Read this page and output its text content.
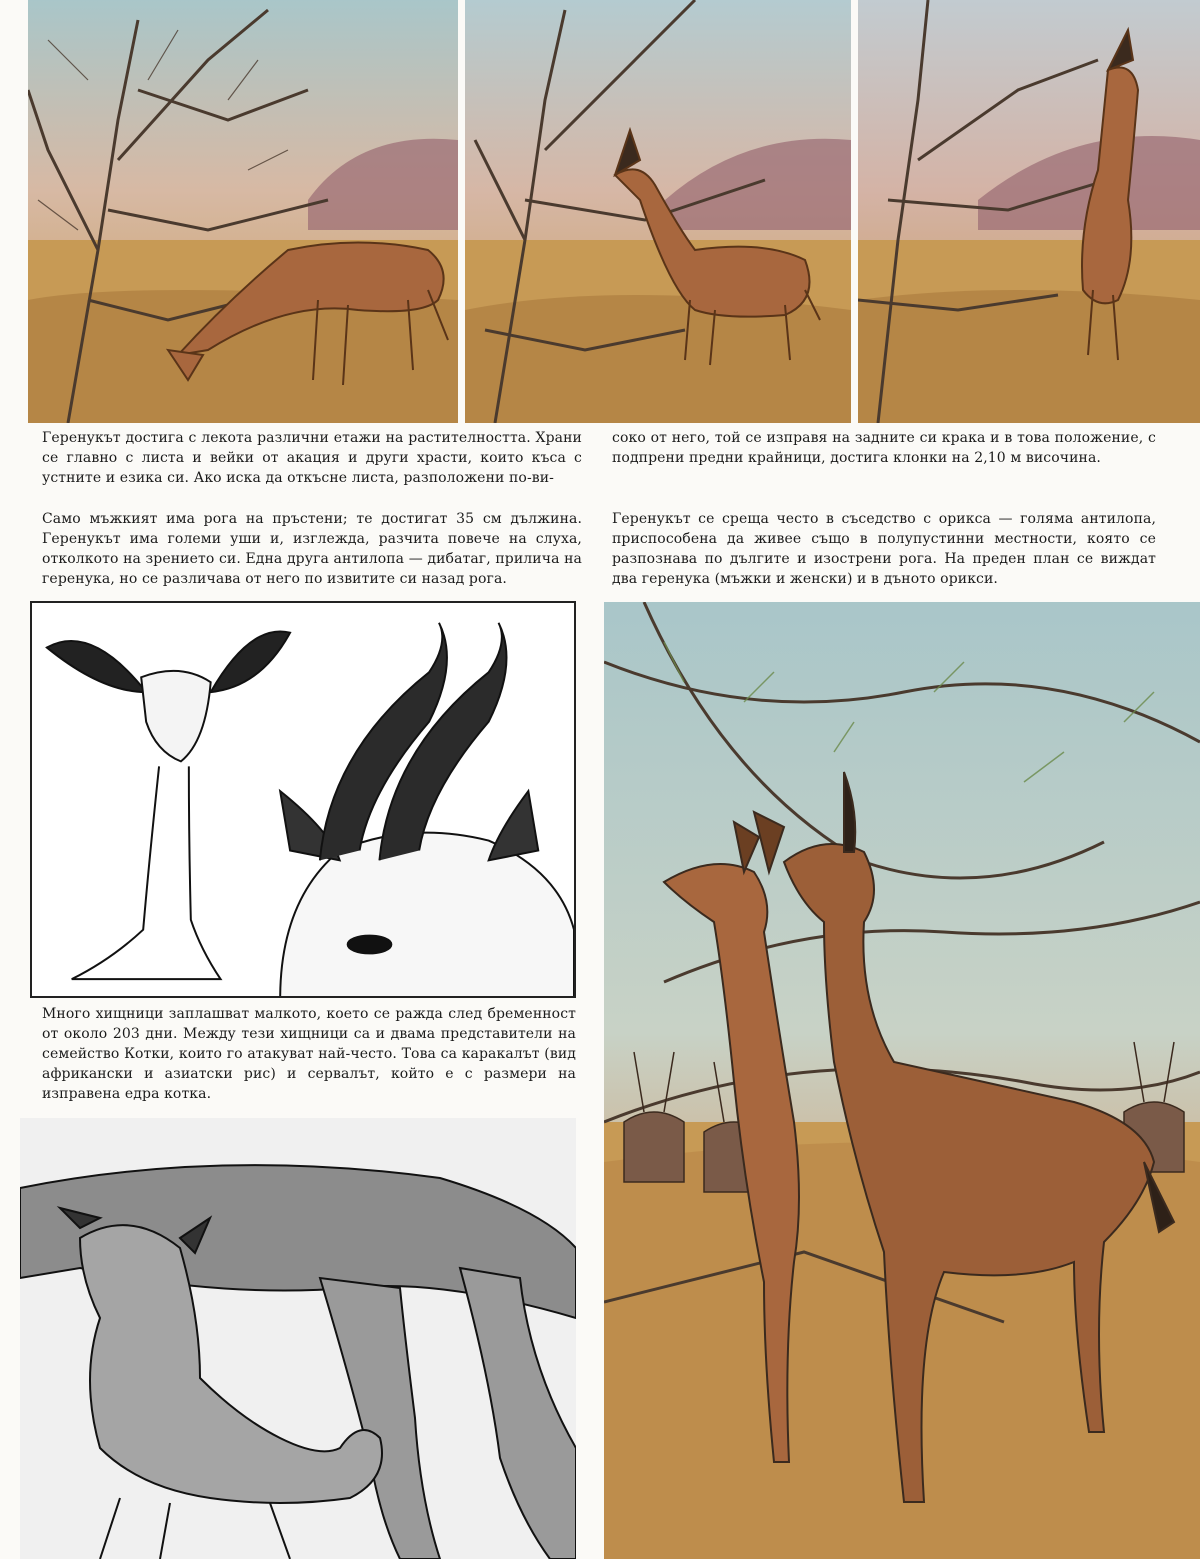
Геренукът достига с лекота различни етажи на растителността. Храни се главно с листа и вейки от акация и други храсти, които къса с устните и езика си. Ако иска да откъсне листа, разположени по-ви-

соко от него, той се изправя на задните си крака и в това положение, с подпрени предни крайници, достига клонки на 2,10 м височина.

Само мъжкият има рога на пръстени; те достигат 35 см дължина. Геренукът има големи уши и, изглежда, разчита повече на слуха, отколкото на зрението си. Една друга антилопа — дибатаг, прилича на геренука, но се различава от него по извитите си назад рога.

Геренукът се среща често в съседство с орикса — голяма антилопа, приспособена да живее също в полупустинни местности, която се разпознава по дългите и изострени рога. На преден план се виждат два геренука (мъжки и женски) и в дъното орикси.

Много хищници заплашват малкото, което се ражда след бременност от около 203 дни. Между тези хищници са и двама представители на семейство Котки, които го атакуват най-често. Това са каракалът (вид африкански и азиатски рис) и сервалът, който е с размери на изправена едра котка.
